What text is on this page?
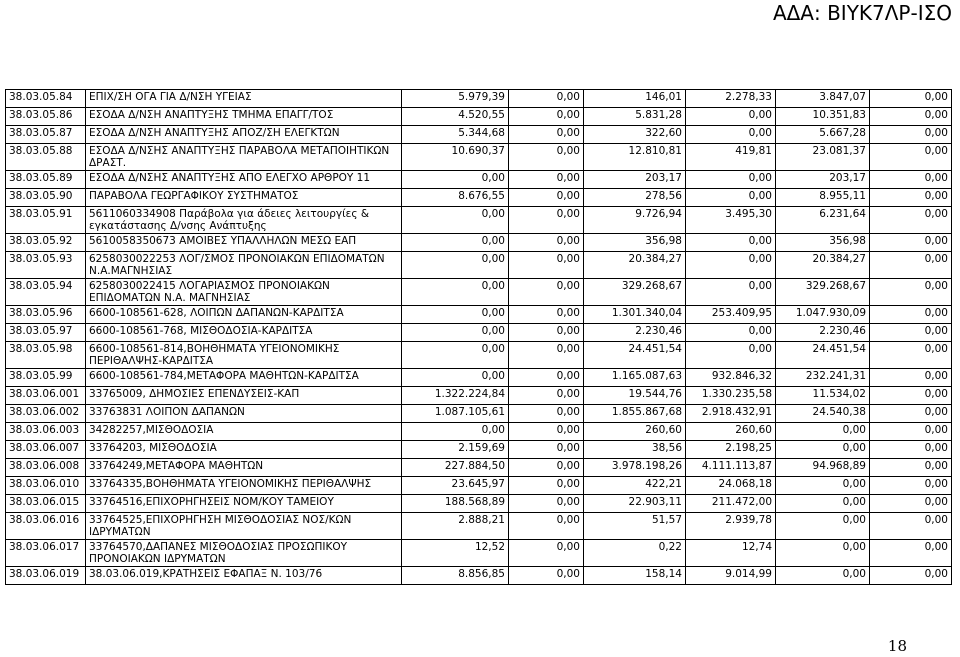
ΑΔΑ: ΒΙΥΚ7ΛΡ-ΙΣΟ
38.03.05.84	ΕΠΙΧ/ΣΗ ΟΓΑ ΓΙΑ Δ/ΝΣΗ ΥΓΕΙΑΣ	5.979,39	0,00	146,01	2.278,33	3.847,07	0,00
38.03.05.86	ΕΣΟΔΑ Δ/ΝΣΗ ΑΝΑΠΤΥΞΗΣ ΤΜΗΜΑ ΕΠΑΓΓ/ΤΟΣ	4.520,55	0,00	5.831,28	0,00	10.351,83	0,00
38.03.05.87	ΕΣΟΔΑ Δ/ΝΣΗ ΑΝΑΠΤΥΞΗΣ ΑΠΟΖ/ΣΗ ΕΛΕΓΚΤΩΝ	5.344,68	0,00	322,60	0,00	5.667,28	0,00
38.03.05.88	ΕΣΟΔΑ Δ/ΝΣΗΣ ΑΝΑΠΤΥΞΗΣ ΠΑΡΑΒΟΛΑ ΜΕΤΑΠΟΙΗΤΙΚΩΝ ΔΡΑΣΤ.	10.690,37	0,00	12.810,81	419,81	23.081,37	0,00
38.03.05.89	ΕΣΟΔΑ Δ/ΝΣΗΣ ΑΝΑΠΤΥΞΗΣ ΑΠΟ ΕΛΕΓΧΟ ΑΡΘΡΟΥ 11	0,00	0,00	203,17	0,00	203,17	0,00
38.03.05.90	ΠΑΡΑΒΟΛΑ ΓΕΩΡΓΑΦΙΚΟΥ ΣΥΣΤΗΜΑΤΟΣ	8.676,55	0,00	278,56	0,00	8.955,11	0,00
38.03.05.91	5611060334908 Παράβολα για άδειες λειτουργίες & εγκατάστασης Δ/νσης Ανάπτυξης	0,00	0,00	9.726,94	3.495,30	6.231,64	0,00
38.03.05.92	5610058350673 ΑΜΟΙΒΕΣ ΥΠΑΛΛΗΛΩΝ ΜΕΣΩ ΕΑΠ	0,00	0,00	356,98	0,00	356,98	0,00
38.03.05.93	6258030022253 ΛΟΓ/ΣΜΟΣ ΠΡΟΝΟΙΑΚΩΝ ΕΠΙΔΟΜΑΤΩΝ Ν.Α.ΜΑΓΝΗΣΙΑΣ	0,00	0,00	20.384,27	0,00	20.384,27	0,00
38.03.05.94	6258030022415 ΛΟΓΑΡΙΑΣΜΟΣ ΠΡΟΝΟΙΑΚΩΝ ΕΠΙΔΟΜΑΤΩΝ Ν.Α. ΜΑΓΝΗΣΙΑΣ	0,00	0,00	329.268,67	0,00	329.268,67	0,00
38.03.05.96	6600-108561-628, ΛΟΙΠΩΝ ΔΑΠΑΝΩΝ-ΚΑΡΔΙΤΣΑ	0,00	0,00	1.301.340,04	253.409,95	1.047.930,09	0,00
38.03.05.97	6600-108561-768, ΜΙΣΘΟΔΟΣΙΑ-ΚΑΡΔΙΤΣΑ	0,00	0,00	2.230,46	0,00	2.230,46	0,00
38.03.05.98	6600-108561-814,ΒΟΗΘΗΜΑΤΑ ΥΓΕΙΟΝΟΜΙΚΗΣ ΠΕΡΙΘΑΛΨΗΣ-ΚΑΡΔΙΤΣΑ	0,00	0,00	24.451,54	0,00	24.451,54	0,00
38.03.05.99	6600-108561-784,ΜΕΤΑΦΟΡΑ ΜΑΘΗΤΩΝ-ΚΑΡΔΙΤΣΑ	0,00	0,00	1.165.087,63	932.846,32	232.241,31	0,00
38.03.06.001	33765009, ΔΗΜΟΣΙΕΣ ΕΠΕΝΔΥΣΕΙΣ-ΚΑΠ	1.322.224,84	0,00	19.544,76	1.330.235,58	11.534,02	0,00
38.03.06.002	33763831 ΛΟΙΠΟΝ ΔΑΠΑΝΩΝ	1.087.105,61	0,00	1.855.867,68	2.918.432,91	24.540,38	0,00
38.03.06.003	34282257,ΜΙΣΘΟΔΟΣΙΑ	0,00	0,00	260,60	260,60	0,00	0,00
38.03.06.007	33764203, ΜΙΣΘΟΔΟΣΙΑ	2.159,69	0,00	38,56	2.198,25	0,00	0,00
38.03.06.008	33764249,ΜΕΤΑΦΟΡΑ ΜΑΘΗΤΩΝ	227.884,50	0,00	3.978.198,26	4.111.113,87	94.968,89	0,00
38.03.06.010	33764335,ΒΟΗΘΗΜΑΤΑ ΥΓΕΙΟΝΟΜΙΚΗΣ ΠΕΡΙΘΑΛΨΗΣ	23.645,97	0,00	422,21	24.068,18	0,00	0,00
38.03.06.015	33764516,ΕΠΙΧΟΡΗΓΗΣΕΙΣ ΝΟΜ/ΚΟΥ ΤΑΜΕΙΟΥ	188.568,89	0,00	22.903,11	211.472,00	0,00	0,00
38.03.06.016	33764525,ΕΠΙΧΟΡΗΓΗΣΗ ΜΙΣΘΟΔΟΣΙΑΣ ΝΟΣ/ΚΩΝ ΙΔΡΥΜΑΤΩΝ	2.888,21	0,00	51,57	2.939,78	0,00	0,00
38.03.06.017	33764570,ΔΑΠΑΝΕΣ ΜΙΣΘΟΔΟΣΙΑΣ ΠΡΟΣΩΠΙΚΟΥ ΠΡΟΝΟΙΑΚΩΝ ΙΔΡΥΜΑΤΩΝ	12,52	0,00	0,22	12,74	0,00	0,00
38.03.06.019	38.03.06.019,ΚΡΑΤΗΣΕΙΣ ΕΦΑΠΑΞ Ν. 103/76	8.856,85	0,00	158,14	9.014,99	0,00	0,00
18
